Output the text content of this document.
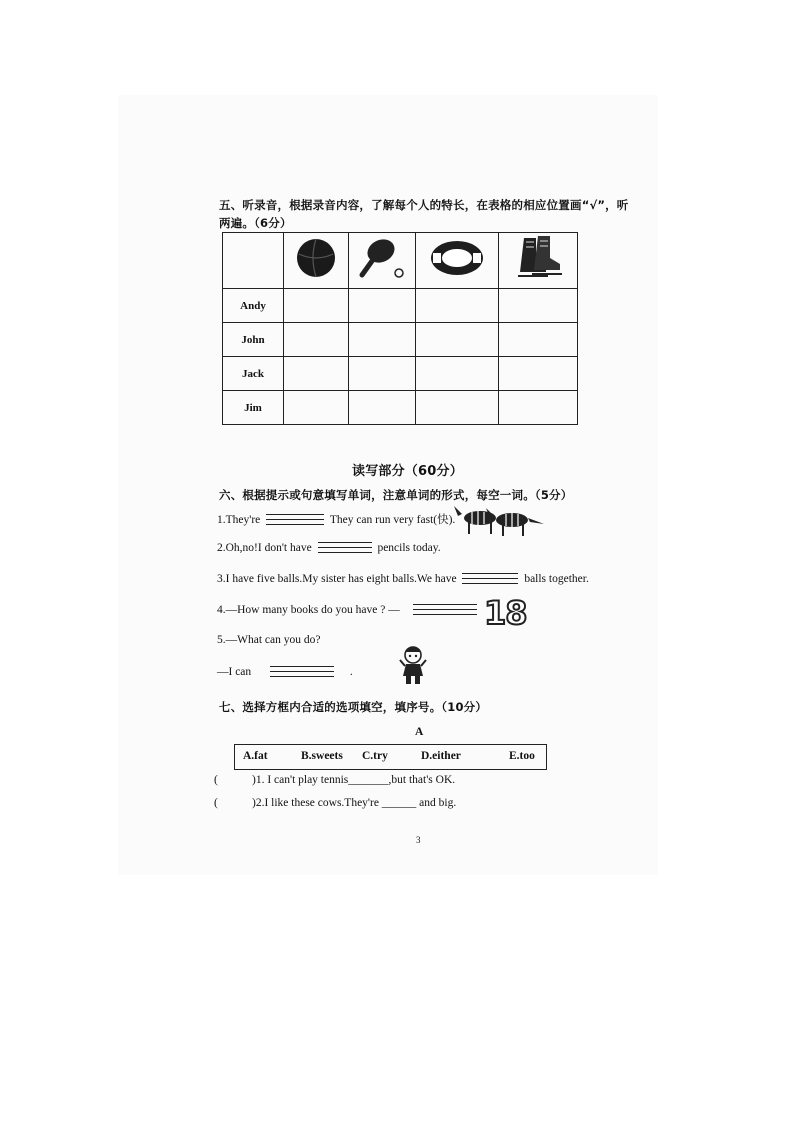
五、听录音，根据录音内容，了解每个人的特长，在表格的相应位置画“√”，听
两遍。（6分）

Andy				
John				
Jack				
Jim				
读写部分（60分）
六、根据提示或句意填写单词，注意单词的形式，每空一词。（5分）
1.They're	They can run very fast(快).
2.Oh,no!I don't have	pencils today.
3.I have five balls.My sister has eight balls.We have	balls together.
4.—How many books do you have ? —	18
5.—What can you do?
—I can	.
七、选择方框内合适的选项填空，填序号。（10分）
A
A.fat	B.sweets C.try	D.either	E.too
(	)1. I can't play tennis_______,but that's OK.
(	)2.I like these cows.They're ______ and big.
3
